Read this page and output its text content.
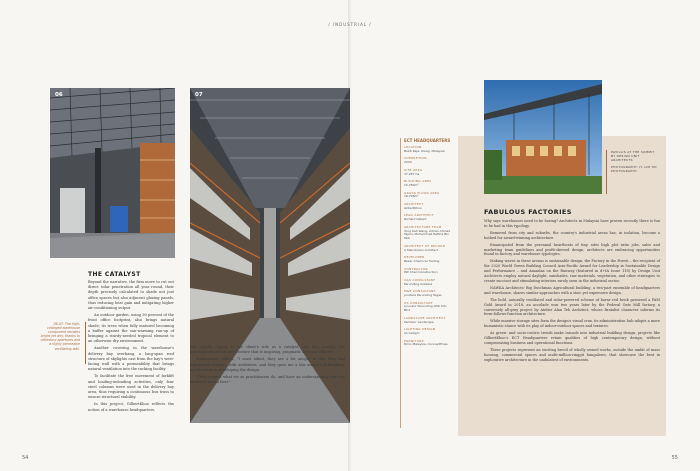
/ INDUSTRIAL /
06	07
06-07: The high-ceilinged warehouse component remains bright yet airy, thanks to clerestory apertures and a highly permeable ventilating wall.
THE CATALYST

Beyond the narrative, the firm move to cut out direct solar penetration all year round, their depth precisely calculated to shade not just office spaces but also adjacent glazing panels, thus reducing heat gain and mitigating higher air-conditioning output.

An outdoor garden, using 30 percent of the front office footprint, also brings natural shade; its trees when fully matured becoming a buffer against the sun-warming run-up of bringing a sturdy-needed tropical element to an otherwise dry environment.

Another covering in the warehouse's delivery bay overhang, a long-span roof structure of skylights cast from the bay's west-facing wall with a permeability that brings natural ventilation into the racking facility.

To facilitate the free movement of forklift and loading-unloading activities, only four steel columns were used in the delivery bay area, thus requiring a continuous box truss to ensure structural stability.

In this project, GilbertKhoo reflects the notion of a warehouse headquarters.

But equally cogent is the client's role as a catalyst, one that enables the development of real architecture that is inspiring, pragmatic and cost-effective.

Summarises Gilbert, "I must admit, they are a bit unique in that they had experience working with architects, and they gave me a fair amount of flexibility and freedom in developing the design.

"They respect what we as practitioners do, and have an understanding that the architect knows best."

ECT HEADQUARTERS
LOCATION
Bukit Raja, Klang, Malaysia
COMPLETION
2020
SITE AREA
37,287 ha
BUILDING AREA
15,780m²
GROSS FLOOR AREA
18,796m²
ARCHITECT
GilbertKhoo
LEAD ARCHITECT
Richard Gilbert
ARCHITECTURE TEAM
Yong Kah Weng, Adrian Ahmad Tajani, Muhammad Rafizul Bin Taib
ARCHITECT OF RECORD
A Manokaran Architect
DEVELOPER
Besar Chemical Trading
CONTRACTOR
PW Chan Construction
C&S CONSULTANT
Perunding Anskara
M&E CONSULTANT
Jurutera Perunding Tegas
QS CONSULTANT
Juruukur Perunding QSK Sdn Bhd
LANDSCAPE ARCHITECT
Pemberr Landscape
LIGHTING DESIGN
Arcradigm
FURNITURE
Rimo Malaysia, ConceptPluss

PAVILLIS AT THE SUMMIT BY DESIGN UNIT ARCHITECTS

PHOTOGRAPHY: H. LIM HO PHOTOGRAPHY

FABULOUS FACTORIES

Why says warehouses need to be boring? Architects in Malaysia have proven recently there is fun to be had in this typology.

Removed from city and suburbs, the country's industrial areas has, in isolation, become a hotbed for award-winning architecture.

Emancipated from the perennial heartbeats of tiny, sites high plot ratio jobs, sales and marketing team guidelines and profit-skewed design, architects are embracing opportunities found in factory and warehouse typologies.

Making waves in these arenas is sustainable design; the Factory in the Forest – the recipient of the 2020 World Green Building Council Asia-Pacific Award for Leadership in Sustainable Design and Performance – and Amanlaa on the Runway (featured in d+fA Issue 118) by Design Unit Architects employ natural daylight, sunshades, raw materials, vegetation, and other strategies to create succinct and stimulating interiors rarely seen in the industrial sector.

NAWKA Architects' Big Dutchman Agricultural building, a two-part ensemble of headquarters and warehouse, shares similar approaches with a stoic yet expressive design.

The bold, naturally ventilated and solar-powered scheme of barnr red brick garnered a PAM Gold Award in 2018, an accolade won two years later by the Federal Oats Mill factory, a conversely all-grey project by Atelier Alan Teh Architect, whose Bratalist character informs its form-follows-function architecture.

While massive storage sites form the design's visual crux, its administration hub adopts a more humanistic stance with its play of indoor-outdoor spaces and textures.

As green- and socio-centric trends make inroads into industrial building design, projects like GilbertKhoo's ECT Headquarters retain qualities of high contemporary design, without compromising business and operational functions.

These projects represent an exciting breed of wholly owned works, outside the ambit of mass housing, commercial spaces and multi-million-ringgit bungalows, that showcase the best in explorative architecture in the undulatest of environments.

54	55
